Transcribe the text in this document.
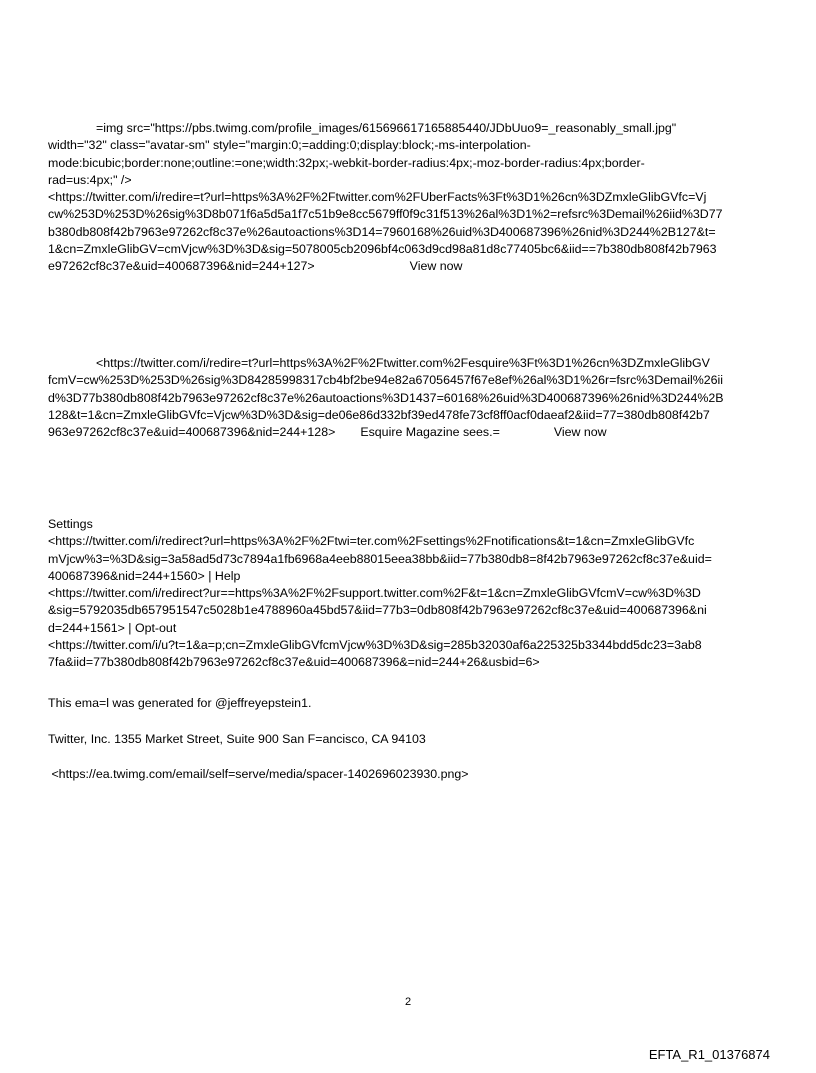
=img src="https://pbs.twimg.com/profile_images/615696617165885440/JDbUuo9=_reasonably_small.jpg"
width="32" class="avatar-sm" style="margin:0;=adding:0;display:block;-ms-interpolation-
mode:bicubic;border:none;outline:=one;width:32px;-webkit-border-radius:4px;-moz-border-radius:4px;border-
rad=us:4px;" />
<https://twitter.com/i/redire=t?url=https%3A%2F%2Ftwitter.com%2FUberFacts%3Ft%3D1%26cn%3DZmxleGlibGVfc=Vj
cw%253D%253D%26sig%3D8b071f6a5d5a1f7c51b9e8cc5679ff0f9c31f513%26al%3D1%2=refsrc%3Demail%26iid%3D77
b380db808f42b7963e97262cf8c37e%26autoactions%3D14=7960168%26uid%3D400687396%26nid%3D244%2B127&t=
1&cn=ZmxleGlibGV=cmVjcw%3D%3D&sig=5078005cb2096bf4c063d9cd98a81d8c77405bc6&iid==7b380db808f42b7963
e97262cf8c37e&uid=400687396&nid=244+127>	View now
<https://twitter.com/i/redire=t?url=https%3A%2F%2Ftwitter.com%2Fesquire%3Ft%3D1%26cn%3DZmxleGlibGV
fcmV=cw%253D%253D%26sig%3D84285998317cb4bf2be94e82a67056457f67e8ef%26al%3D1%26r=fsrc%3Demail%26ii
d%3D77b380db808f42b7963e97262cf8c37e%26autoactions%3D1437=60168%26uid%3D400687396%26nid%3D244%2B
128&t=1&cn=ZmxleGlibGVfc=Vjcw%3D%3D&sig=de06e86d332bf39ed478fe73cf8ff0acf0daeaf2&iid=77=380db808f42b7
963e97262cf8c37e&uid=400687396&nid=244+128> Esquire Magazine sees.=	View now
Settings
<https://twitter.com/i/redirect?url=https%3A%2F%2Ftwi=ter.com%2Fsettings%2Fnotifications&t=1&cn=ZmxleGlibGVfc
mVjcw%3=%3D&sig=3a58ad5d73c7894a1fb6968a4eeb88015eea38bb&iid=77b380db8=8f42b7963e97262cf8c37e&uid=
400687396&nid=244+1560> | Help
<https://twitter.com/i/redirect?ur==https%3A%2F%2Fsupport.twitter.com%2F&t=1&cn=ZmxleGlibGVfcmV=cw%3D%3D
&sig=5792035db657951547c5028b1e4788960a45bd57&iid=77b3=0db808f42b7963e97262cf8c37e&uid=400687396&ni
d=244+1561> | Opt-out
<https://twitter.com/i/u?t=1&a=p;cn=ZmxleGlibGVfcmVjcw%3D%3D&sig=285b32030af6a225325b3344bdd5dc23=3ab8
7fa&iid=77b380db808f42b7963e97262cf8c37e&uid=400687396&=nid=244+26&usbid=6>
This ema=l was generated for @jeffreyepstein1.
Twitter, Inc. 1355 Market Street, Suite 900 San F=ancisco, CA 94103
<https://ea.twimg.com/email/self=serve/media/spacer-1402696023930.png>
2
EFTA_R1_01376874
